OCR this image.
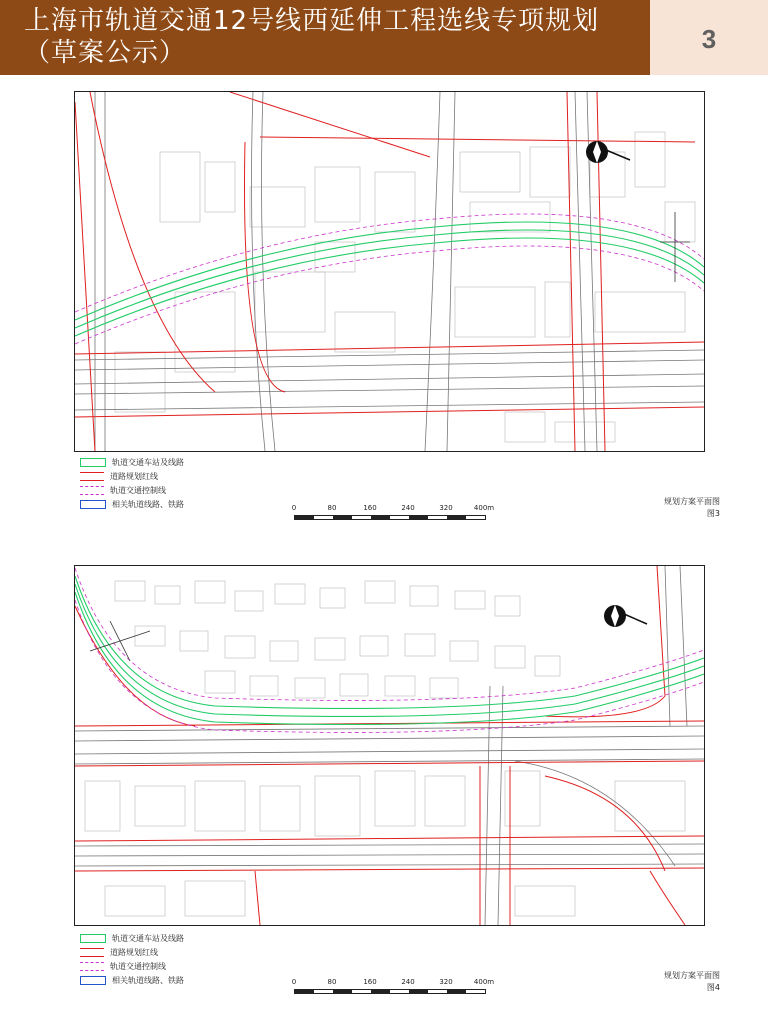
上海市轨道交通12号线西延伸工程选线专项规划（草案公示）	3
轨道交通车站及线路
道路规划红线
轨道交通控制线
相关轨道线路、铁路	0	80	160	240	320	400m
规划方案平面图
图3
轨道交通车站及线路
道路规划红线
轨道交通控制线
相关轨道线路、铁路	0	80	160	240	320	400m
规划方案平面图
图4
